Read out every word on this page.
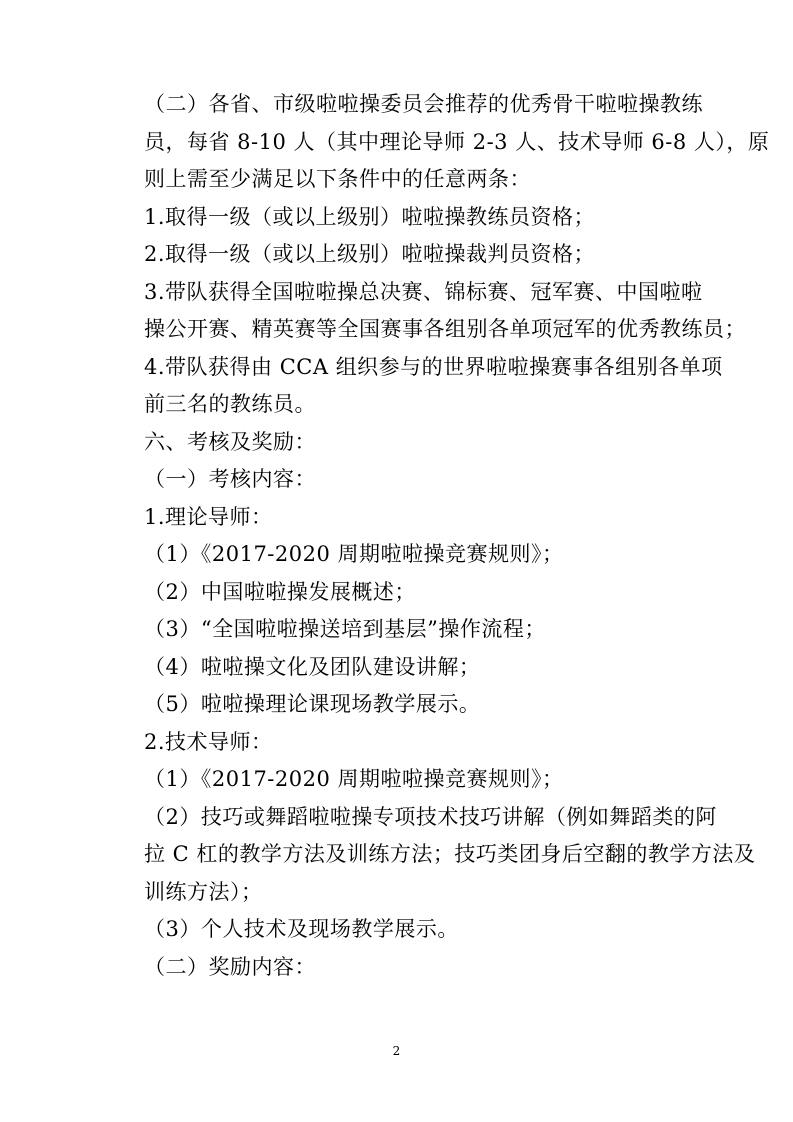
（二）各省、市级啦啦操委员会推荐的优秀骨干啦啦操教练
员，每省 8-10 人（其中理论导师 2-3 人、技术导师 6-8 人），原
则上需至少满足以下条件中的任意两条：

1.取得一级（或以上级别）啦啦操教练员资格；

2.取得一级（或以上级别）啦啦操裁判员资格；

3.带队获得全国啦啦操总决赛、锦标赛、冠军赛、中国啦啦
操公开赛、精英赛等全国赛事各组别各单项冠军的优秀教练员；

4.带队获得由 CCA 组织参与的世界啦啦操赛事各组别各单项
前三名的教练员。

六、考核及奖励：

（一）考核内容：

1.理论导师：

（1）《2017-2020 周期啦啦操竞赛规则》；

（2）中国啦啦操发展概述；

（3）“全国啦啦操送培到基层”操作流程；

（4）啦啦操文化及团队建设讲解；

（5）啦啦操理论课现场教学展示。

2.技术导师：

（1）《2017-2020 周期啦啦操竞赛规则》；

（2）技巧或舞蹈啦啦操专项技术技巧讲解（例如舞蹈类的阿
拉 C 杠的教学方法及训练方法；技巧类团身后空翻的教学方法及
训练方法）；

（3）个人技术及现场教学展示。

（二）奖励内容：

2
